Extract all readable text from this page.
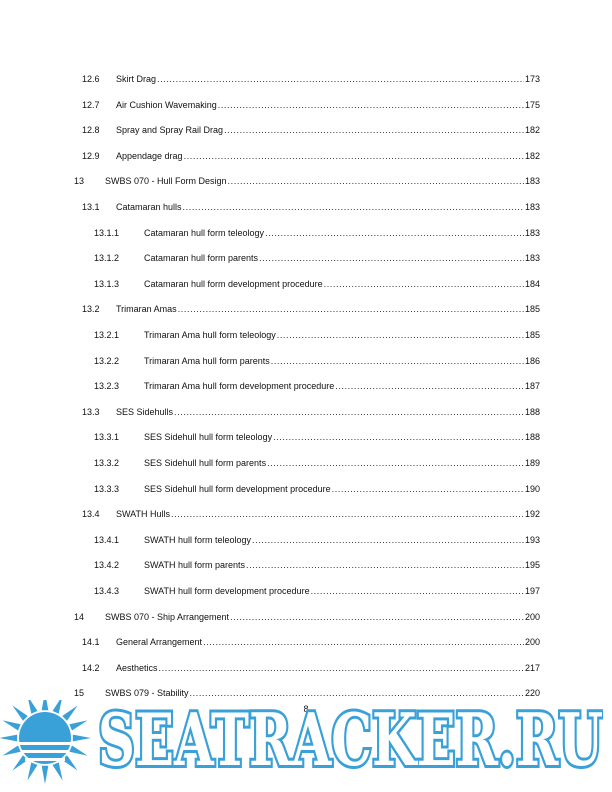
12.6 Skirt Drag .....	173
12.7 Air Cushion Wavemaking .....	175
12.8 Spray and Spray Rail Drag .....	182
12.9 Appendage drag .....	182
13 SWBS 070 - Hull Form Design .....	183
13.1 Catamaran hulls .....	183
13.1.1	Catamaran hull form teleology .....	183
13.1.2	Catamaran hull form parents .....	183
13.1.3	Catamaran hull form development procedure .....	184
13.2 Trimaran Amas .....	185
13.2.1	Trimaran Ama hull form teleology .....	185
13.2.2	Trimaran Ama hull form parents .....	186
13.2.3	Trimaran Ama hull form development procedure .....	187
13.3 SES Sidehulls .....	188
13.3.1	SES Sidehull hull form teleology .....	188
13.3.2	SES Sidehull hull form parents .....	189
13.3.3	SES Sidehull hull form development procedure .....	190
13.4 SWATH Hulls .....	192
13.4.1	SWATH hull form teleology .....	193
13.4.2	SWATH hull form parents .....	195
13.4.3	SWATH hull form development procedure .....	197
14 SWBS 070 - Ship Arrangement .....	200
14.1 General Arrangement .....	200
14.2 Aesthetics .....	217
15 SWBS 079 - Stability .....	220
8
SEATRACKER.RU
